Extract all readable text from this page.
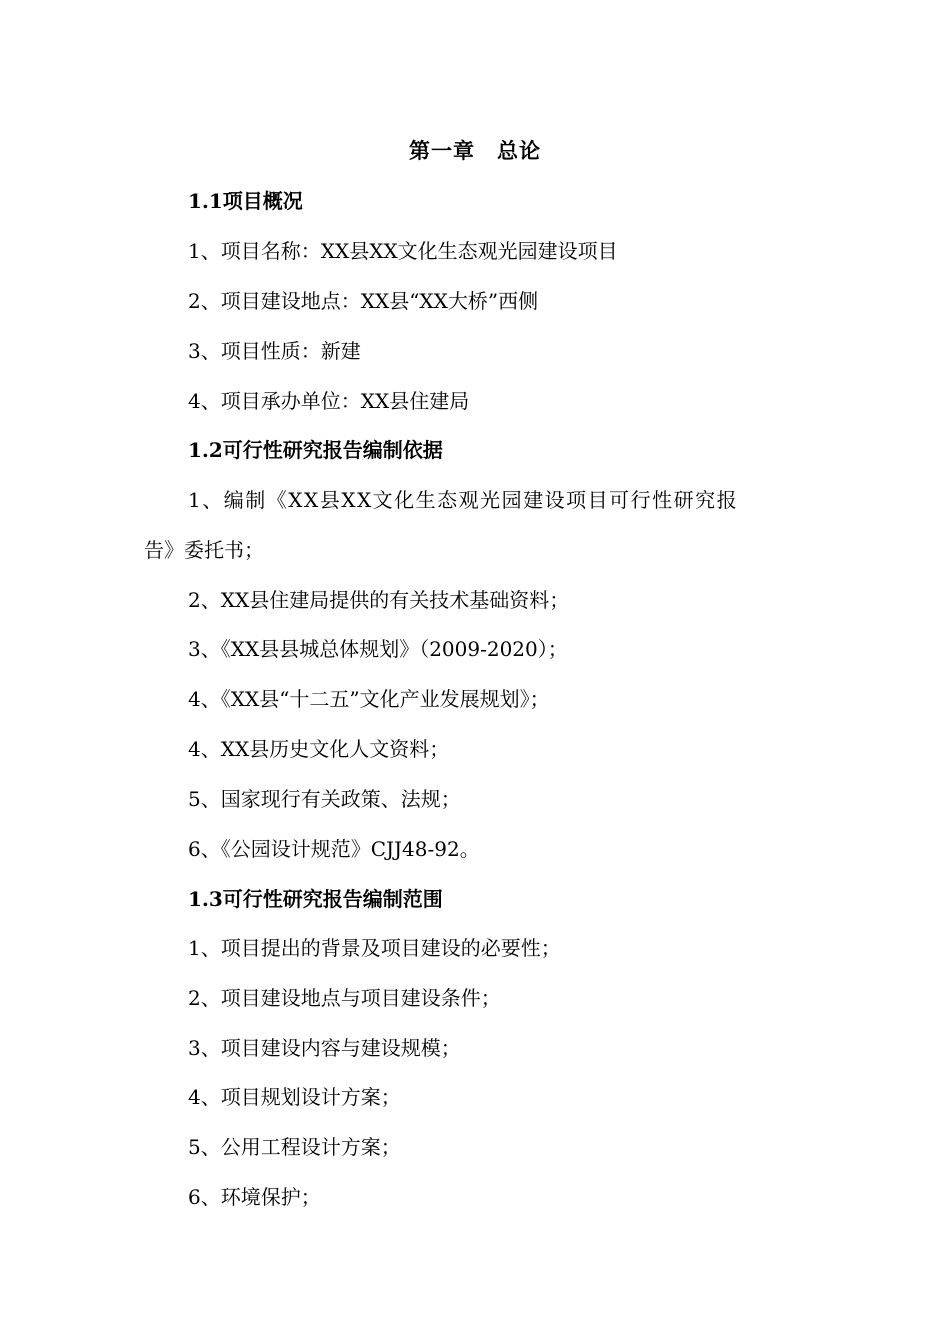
第一章　总论
1.1项目概况
1、项目名称：XX县XX文化生态观光园建设项目
2、项目建设地点：XX县“XX大桥”西侧
3、项目性质：新建
4、项目承办单位：XX县住建局
1.2可行性研究报告编制依据
1、编制《XX县XX文化生态观光园建设项目可行性研究报
告》委托书；
2、XX县住建局提供的有关技术基础资料；
3、《XX县县城总体规划》（2009-2020）；
4、《XX县“十二五”文化产业发展规划》；
4、XX县历史文化人文资料；
5、国家现行有关政策、法规；
6、《公园设计规范》CJJ48-92。
1.3可行性研究报告编制范围
1、项目提出的背景及项目建设的必要性；
2、项目建设地点与项目建设条件；
3、项目建设内容与建设规模；
4、项目规划设计方案；
5、公用工程设计方案；
6、环境保护；
